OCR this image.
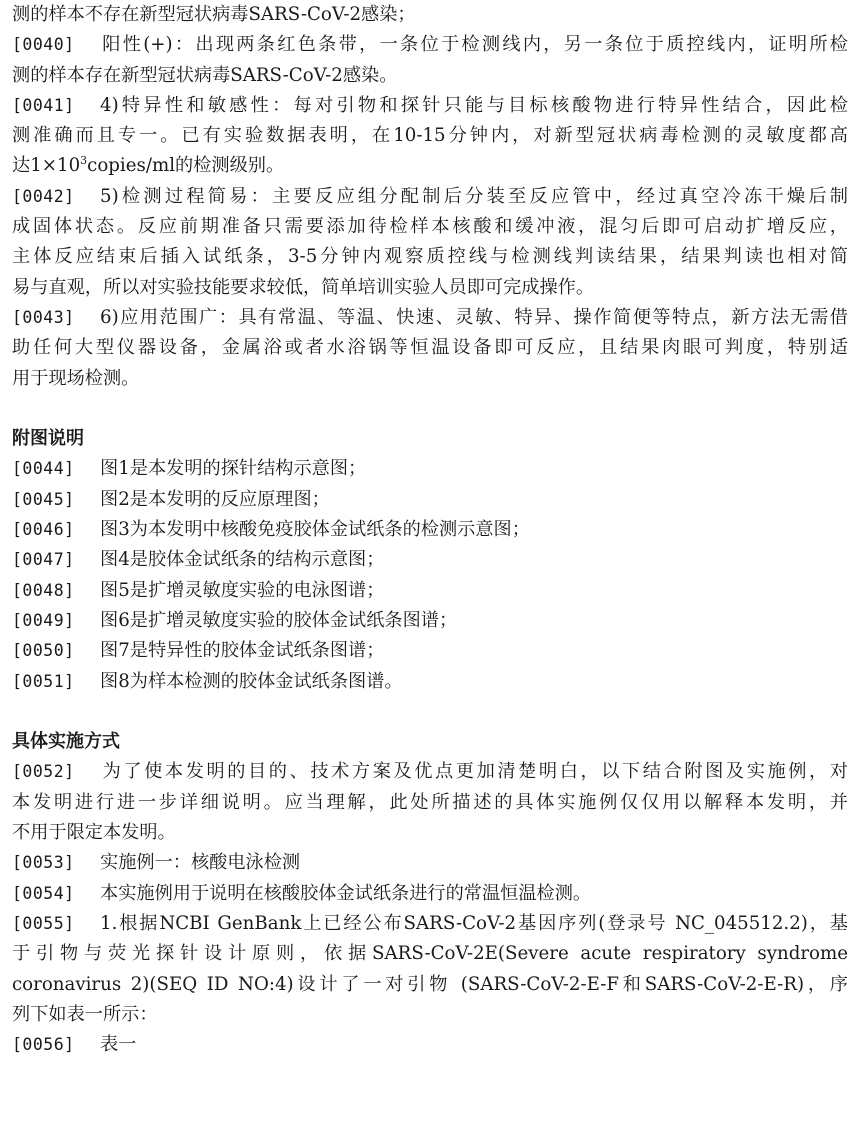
测的样本不存在新型冠状病毒SARS-CoV-2感染；
[0040] 阳性(+)：出现两条红色条带，一条位于检测线内，另一条位于质控线内，证明所检
测的样本存在新型冠状病毒SARS-CoV-2感染。
[0041] 4)特异性和敏感性：每对引物和探针只能与目标核酸物进行特异性结合，因此检
测准确而且专一。已有实验数据表明，在10-15分钟内，对新型冠状病毒检测的灵敏度都高
达$1\times 10^3copies/ml$的检测级别。
[0042] 5)检测过程简易：主要反应组分配制后分装至反应管中，经过真空冷冻干燥后制
成固体状态。反应前期准备只需要添加待检样本核酸和缓冲液，混匀后即可启动扩增反应，
主体反应结束后插入试纸条，3-5分钟内观察质控线与检测线判读结果，结果判读也相对简
易与直观，所以对实验技能要求较低，简单培训实验人员即可完成操作。
[0043] 6)应用范围广：具有常温、等温、快速、灵敏、特异、操作简便等特点，新方法无需借
助任何大型仪器设备，金属浴或者水浴锅等恒温设备即可反应，且结果肉眼可判度，特别适
用于现场检测。
附图说明
[0044] 图1是本发明的探针结构示意图；
[0045] 图2是本发明的反应原理图；
[0046] 图3为本发明中核酸免疫胶体金试纸条的检测示意图；
[0047] 图4是胶体金试纸条的结构示意图；
[0048] 图5是扩增灵敏度实验的电泳图谱；
[0049] 图6是扩增灵敏度实验的胶体金试纸条图谱；
[0050] 图7是特异性的胶体金试纸条图谱；
[0051] 图8为样本检测的胶体金试纸条图谱。
具体实施方式
[0052] 为了使本发明的目的、技术方案及优点更加清楚明白，以下结合附图及实施例，对
本发明进行进一步详细说明。应当理解，此处所描述的具体实施例仅仅用以解释本发明，并
不用于限定本发明。
[0053] 实施例一：核酸电泳检测
[0054] 本实施例用于说明在核酸胶体金试纸条进行的常温恒温检测。
[0055] 1.根据NCBI GenBank上已经公布SARS-CoV-2基因序列(登录号 NC_045512.2)，基
于引物与荧光探针设计原则，依据SARS-CoV-2E(Severe acute respiratory syndrome
coronavirus 2)(SEQ ID NO:4)设计了一对引物 (SARS-CoV-2-E-F和SARS-CoV-2-E-R)，序
列下如表一所示：
[0056] 表一
